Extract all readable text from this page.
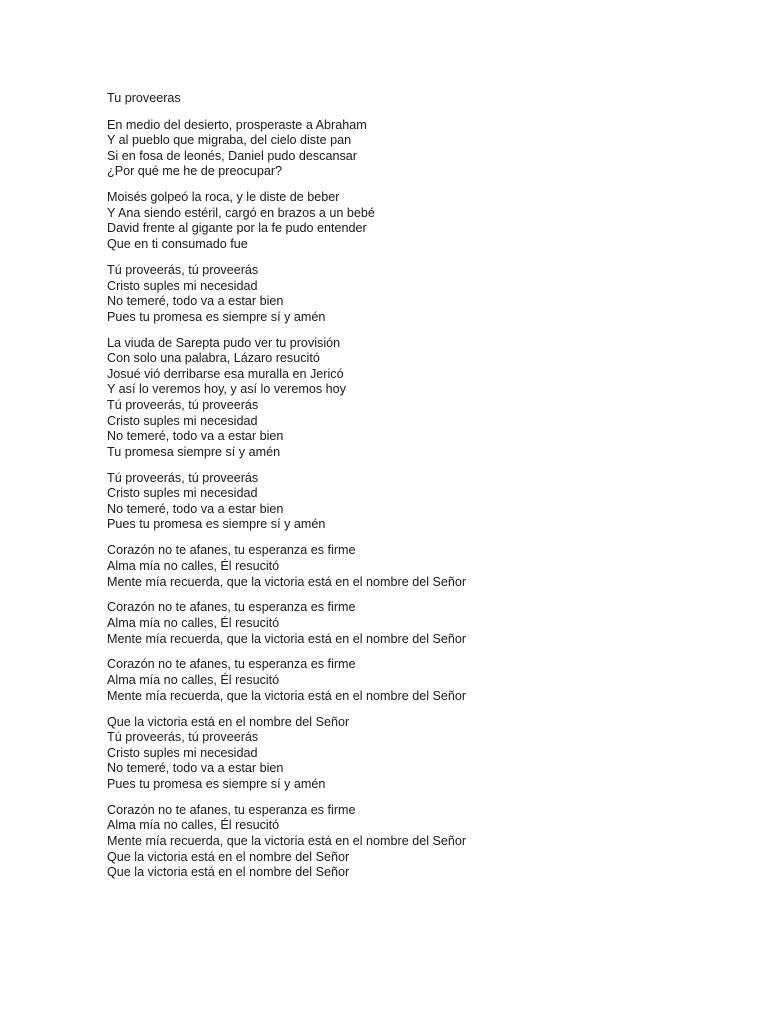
Tu proveeras
En medio del desierto, prosperaste a Abraham
Y al pueblo que migraba, del cielo diste pan
Si en fosa de leonés, Daniel pudo descansar
¿Por qué me he de preocupar?
Moisés golpeó la roca, y le diste de beber
Y Ana siendo estéril, cargó en brazos a un bebé
David frente al gigante por la fe pudo entender
Que en ti consumado fue
Tú proveerás, tú proveerás
Cristo suples mi necesidad
No temeré, todo va a estar bien
Pues tu promesa es siempre sí y amén
La viuda de Sarepta pudo ver tu provisión
Con solo una palabra, Lázaro resucitó
Josué vió derribarse esa muralla en Jericó
Y así lo veremos hoy, y así lo veremos hoy
Tú proveerás, tú proveerás
Cristo suples mi necesidad
No temeré, todo va a estar bien
Tu promesa siempre sí y amén
Tú proveerás, tú proveerás
Cristo suples mi necesidad
No temeré, todo va a estar bien
Pues tu promesa es siempre sí y amén
Corazón no te afanes, tu esperanza es firme
Alma mía no calles, Él resucitó
Mente mía recuerda, que la victoria está en el nombre del Señor
Corazón no te afanes, tu esperanza es firme
Alma mía no calles, Él resucitó
Mente mía recuerda, que la victoria está en el nombre del Señor
Corazón no te afanes, tu esperanza es firme
Alma mía no calles, Él resucitó
Mente mía recuerda, que la victoria está en el nombre del Señor
Que la victoria está en el nombre del Señor
Tú proveerás, tú proveerás
Cristo suples mi necesidad
No temeré, todo va a estar bien
Pues tu promesa es siempre sí y amén
Corazón no te afanes, tu esperanza es firme
Alma mía no calles, Él resucitó
Mente mía recuerda, que la victoria está en el nombre del Señor
Que la victoria está en el nombre del Señor
Que la victoria está en el nombre del Señor
